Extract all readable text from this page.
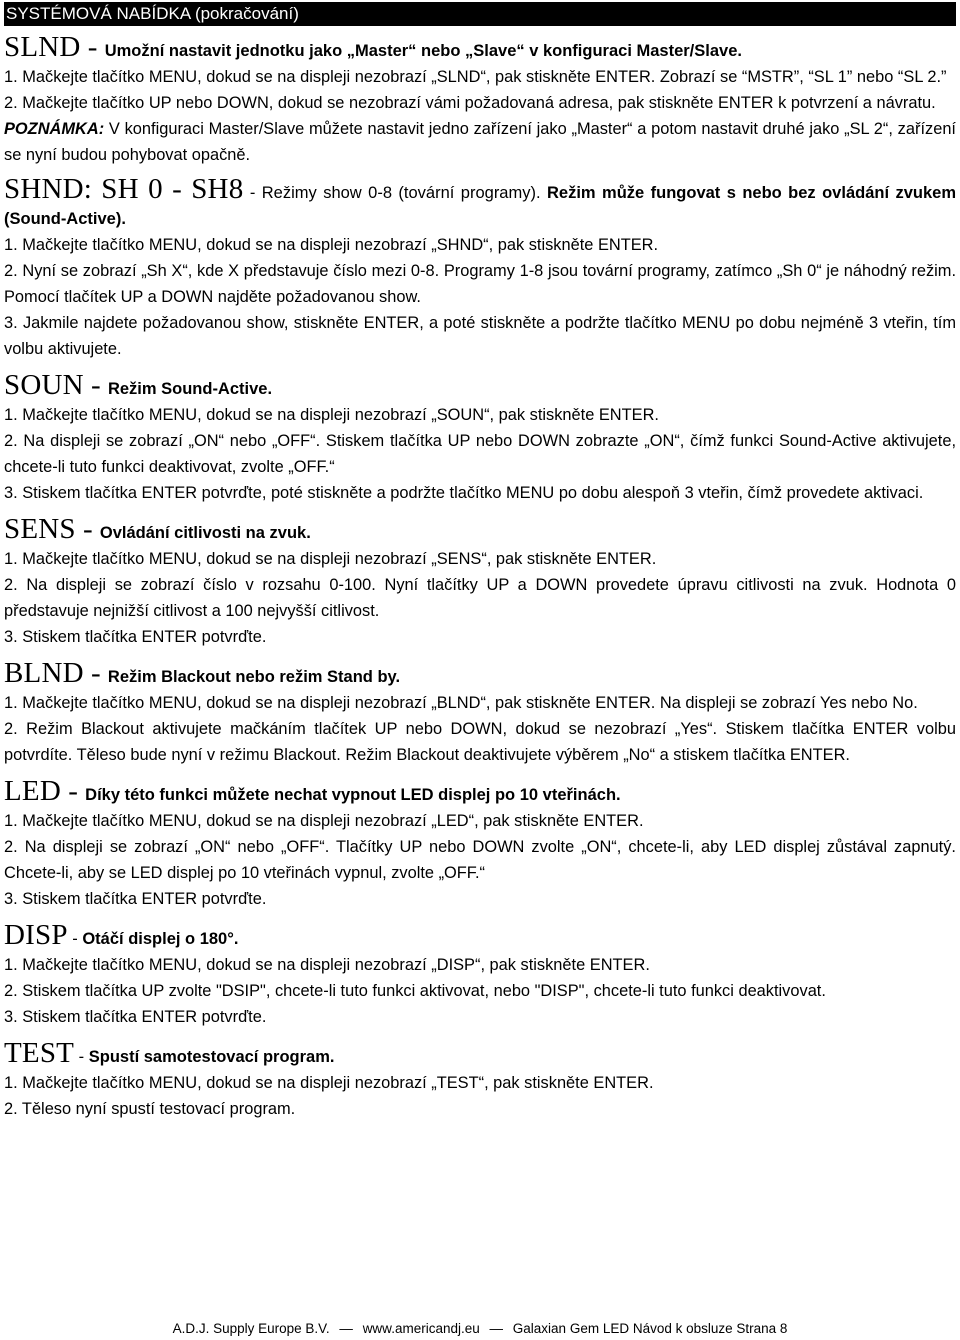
SYSTÉMOVÁ NABÍDKA (pokračování)
SLND - Umožní nastavit jednotku jako „Master“ nebo „Slave“ v konfiguraci Master/Slave.

1. Mačkejte tlačítko MENU, dokud se na displeji nezobrazí „SLND“, pak stiskněte ENTER. Zobrazí se “MSTR”, “SL 1” nebo “SL 2.”

2. Mačkejte tlačítko UP nebo DOWN, dokud se nezobrazí vámi požadovaná adresa, pak stiskněte ENTER k potvrzení a návratu.

POZNÁMKA: V konfiguraci Master/Slave můžete nastavit jedno zařízení jako „Master“ a potom nastavit druhé jako „SL 2“, zařízení se nyní budou pohybovat opačně.

SHND: SH 0 - SH8 - Režimy show 0-8 (tovární programy). Režim může fungovat s nebo bez ovládání zvukem (Sound-Active).

1. Mačkejte tlačítko MENU, dokud se na displeji nezobrazí „SHND“, pak stiskněte ENTER.

2. Nyní se zobrazí „Sh X“, kde X představuje číslo mezi 0-8. Programy 1-8 jsou tovární programy, zatímco „Sh 0“ je náhodný režim. Pomocí tlačítek UP a DOWN najděte požadovanou show.

3. Jakmile najdete požadovanou show, stiskněte ENTER, a poté stiskněte a podržte tlačítko MENU po dobu nejméně 3 vteřin, tím volbu aktivujete.

SOUN - Režim Sound-Active.

1. Mačkejte tlačítko MENU, dokud se na displeji nezobrazí „SOUN“, pak stiskněte ENTER.

2. Na displeji se zobrazí „ON“ nebo „OFF“. Stiskem tlačítka UP nebo DOWN zobrazte „ON“, čímž funkci Sound-Active aktivujete, chcete-li tuto funkci deaktivovat, zvolte „OFF.“

3. Stiskem tlačítka ENTER potvrďte, poté stiskněte a podržte tlačítko MENU po dobu alespoň 3 vteřin, čímž provedete aktivaci.

SENS - Ovládání citlivosti na zvuk.

1. Mačkejte tlačítko MENU, dokud se na displeji nezobrazí „SENS“, pak stiskněte ENTER.

2. Na displeji se zobrazí číslo v rozsahu 0-100. Nyní tlačítky UP a DOWN provedete úpravu citlivosti na zvuk. Hodnota 0 představuje nejnižší citlivost a 100 nejvyšší citlivost.

3. Stiskem tlačítka ENTER potvrďte.

BLND - Režim Blackout nebo režim Stand by.

1. Mačkejte tlačítko MENU, dokud se na displeji nezobrazí „BLND“, pak stiskněte ENTER. Na displeji se zobrazí Yes nebo No.

2. Režim Blackout aktivujete mačkáním tlačítek UP nebo DOWN, dokud se nezobrazí „Yes“. Stiskem tlačítka ENTER volbu potvrdíte. Těleso bude nyní v režimu Blackout. Režim Blackout deaktivujete výběrem „No“ a stiskem tlačítka ENTER.

LED - Díky této funkci můžete nechat vypnout LED displej po 10 vteřinách.

1. Mačkejte tlačítko MENU, dokud se na displeji nezobrazí „LED“, pak stiskněte ENTER.

2. Na displeji se zobrazí „ON“ nebo „OFF“. Tlačítky UP nebo DOWN zvolte „ON“, chcete-li, aby LED displej zůstával zapnutý. Chcete-li, aby se LED displej po 10 vteřinách vypnul, zvolte „OFF.“

3. Stiskem tlačítka ENTER potvrďte.

DISP - Otáčí displej o 180°.

1. Mačkejte tlačítko MENU, dokud se na displeji nezobrazí „DISP“, pak stiskněte ENTER.

2. Stiskem tlačítka UP zvolte "DSIP", chcete-li tuto funkci aktivovat, nebo "DISP", chcete-li tuto funkci deaktivovat.

3. Stiskem tlačítka ENTER potvrďte.

TEST - Spustí samotestovací program.

1. Mačkejte tlačítko MENU, dokud se na displeji nezobrazí „TEST“, pak stiskněte ENTER.

2. Těleso nyní spustí testovací program.

A.D.J. Supply Europe B.V. — www.americandj.eu — Galaxian Gem LED Návod k obsluze Strana 8
